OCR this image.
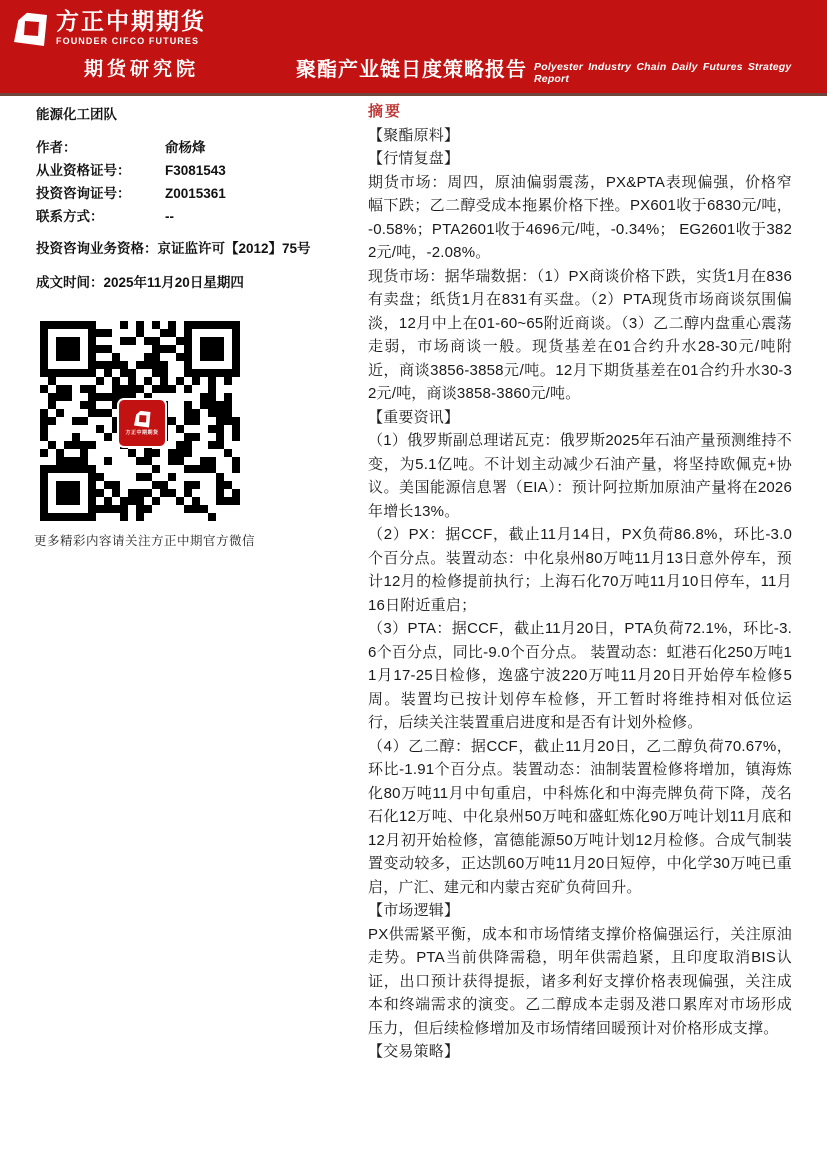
方正中期期货
FOUNDER CIFCO FUTURES
期货研究院	聚酯产业链日度策略报告 Polyester Industry Chain Daily Futures Strategy Report
能源化工团队
作者：	俞杨烽
从业资格证号：	F3081543
投资咨询证号：	Z0015361
联系方式：	--
投资咨询业务资格：京证监许可【2012】75号
成文时间：2025年11月20日星期四
方正中期期货
更多精彩内容请关注方正中期官方微信
摘要
【聚酯原料】
【行情复盘】
期货市场：周四，原油偏弱震荡，PX&PTA表现偏强，价格窄幅下跌；乙二醇受成本拖累价格下挫。PX601收于6830元/吨，-0.58%；PTA2601收于4696元/吨，-0.34%； EG2601收于3822元/吨，-2.08%。
现货市场：据华瑞数据：（1）PX商谈价格下跌，实货1月在836有卖盘；纸货1月在831有买盘。（2）PTA现货市场商谈氛围偏淡，12月中上在01-60~65附近商谈。（3）乙二醇内盘重心震荡走弱，市场商谈一般。现货基差在01合约升水28-30元/吨附近，商谈3856-3858元/吨。12月下期货基差在01合约升水30-32元/吨，商谈3858-3860元/吨。
【重要资讯】
（1）俄罗斯副总理诺瓦克：俄罗斯2025年石油产量预测维持不变，为5.1亿吨。不计划主动减少石油产量，将坚持欧佩克+协议。美国能源信息署（EIA）：预计阿拉斯加原油产量将在2026年增长13%。
（2）PX：据CCF，截止11月14日，PX负荷86.8%，环比-3.0个百分点。装置动态：中化泉州80万吨11月13日意外停车，预计12月的检修提前执行；上海石化70万吨11月10日停车，11月16日附近重启；
（3）PTA：据CCF，截止11月20日，PTA负荷72.1%，环比-3.6个百分点，同比-9.0个百分点。 装置动态：虹港石化250万吨11月17-25日检修，逸盛宁波220万吨11月20日开始停车检修5周。装置均已按计划停车检修，开工暂时将维持相对低位运行，后续关注装置重启进度和是否有计划外检修。
（4）乙二醇：据CCF，截止11月20日，乙二醇负荷70.67%，环比-1.91个百分点。装置动态：油制装置检修将增加，镇海炼化80万吨11月中旬重启，中科炼化和中海壳牌负荷下降，茂名石化12万吨、中化泉州50万吨和盛虹炼化90万吨计划11月底和12月初开始检修，富德能源50万吨计划12月检修。合成气制装置变动较多，正达凯60万吨11月20日短停，中化学30万吨已重启，广汇、建元和内蒙古兖矿负荷回升。
【市场逻辑】
PX供需紧平衡，成本和市场情绪支撑价格偏强运行，关注原油走势。PTA当前供降需稳，明年供需趋紧，且印度取消BIS认证，出口预计获得提振，诸多利好支撑价格表现偏强，关注成本和终端需求的演变。乙二醇成本走弱及港口累库对市场形成压力，但后续检修增加及市场情绪回暖预计对价格形成支撑。
【交易策略】
